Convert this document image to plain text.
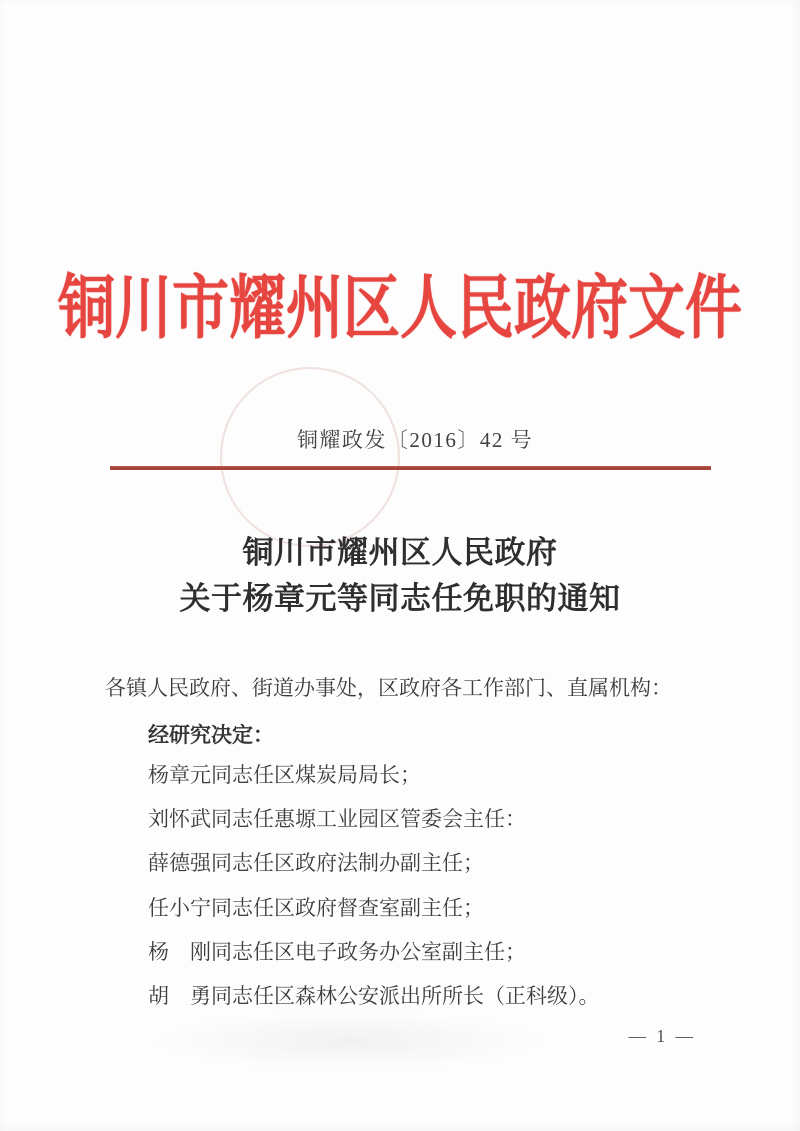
铜川市耀州区人民政府文件
铜耀政发〔2016〕42 号
铜川市耀州区人民政府
关于杨章元等同志任免职的通知
各镇人民政府、街道办事处，区政府各工作部门、直属机构：
经研究决定：
杨章元同志任区煤炭局局长；
刘怀武同志任惠塬工业园区管委会主任：
薛德强同志任区政府法制办副主任；
任小宁同志任区政府督查室副主任；
杨　刚同志任区电子政务办公室副主任；
胡　勇同志任区森林公安派出所所长（正科级）。
— 1 —
